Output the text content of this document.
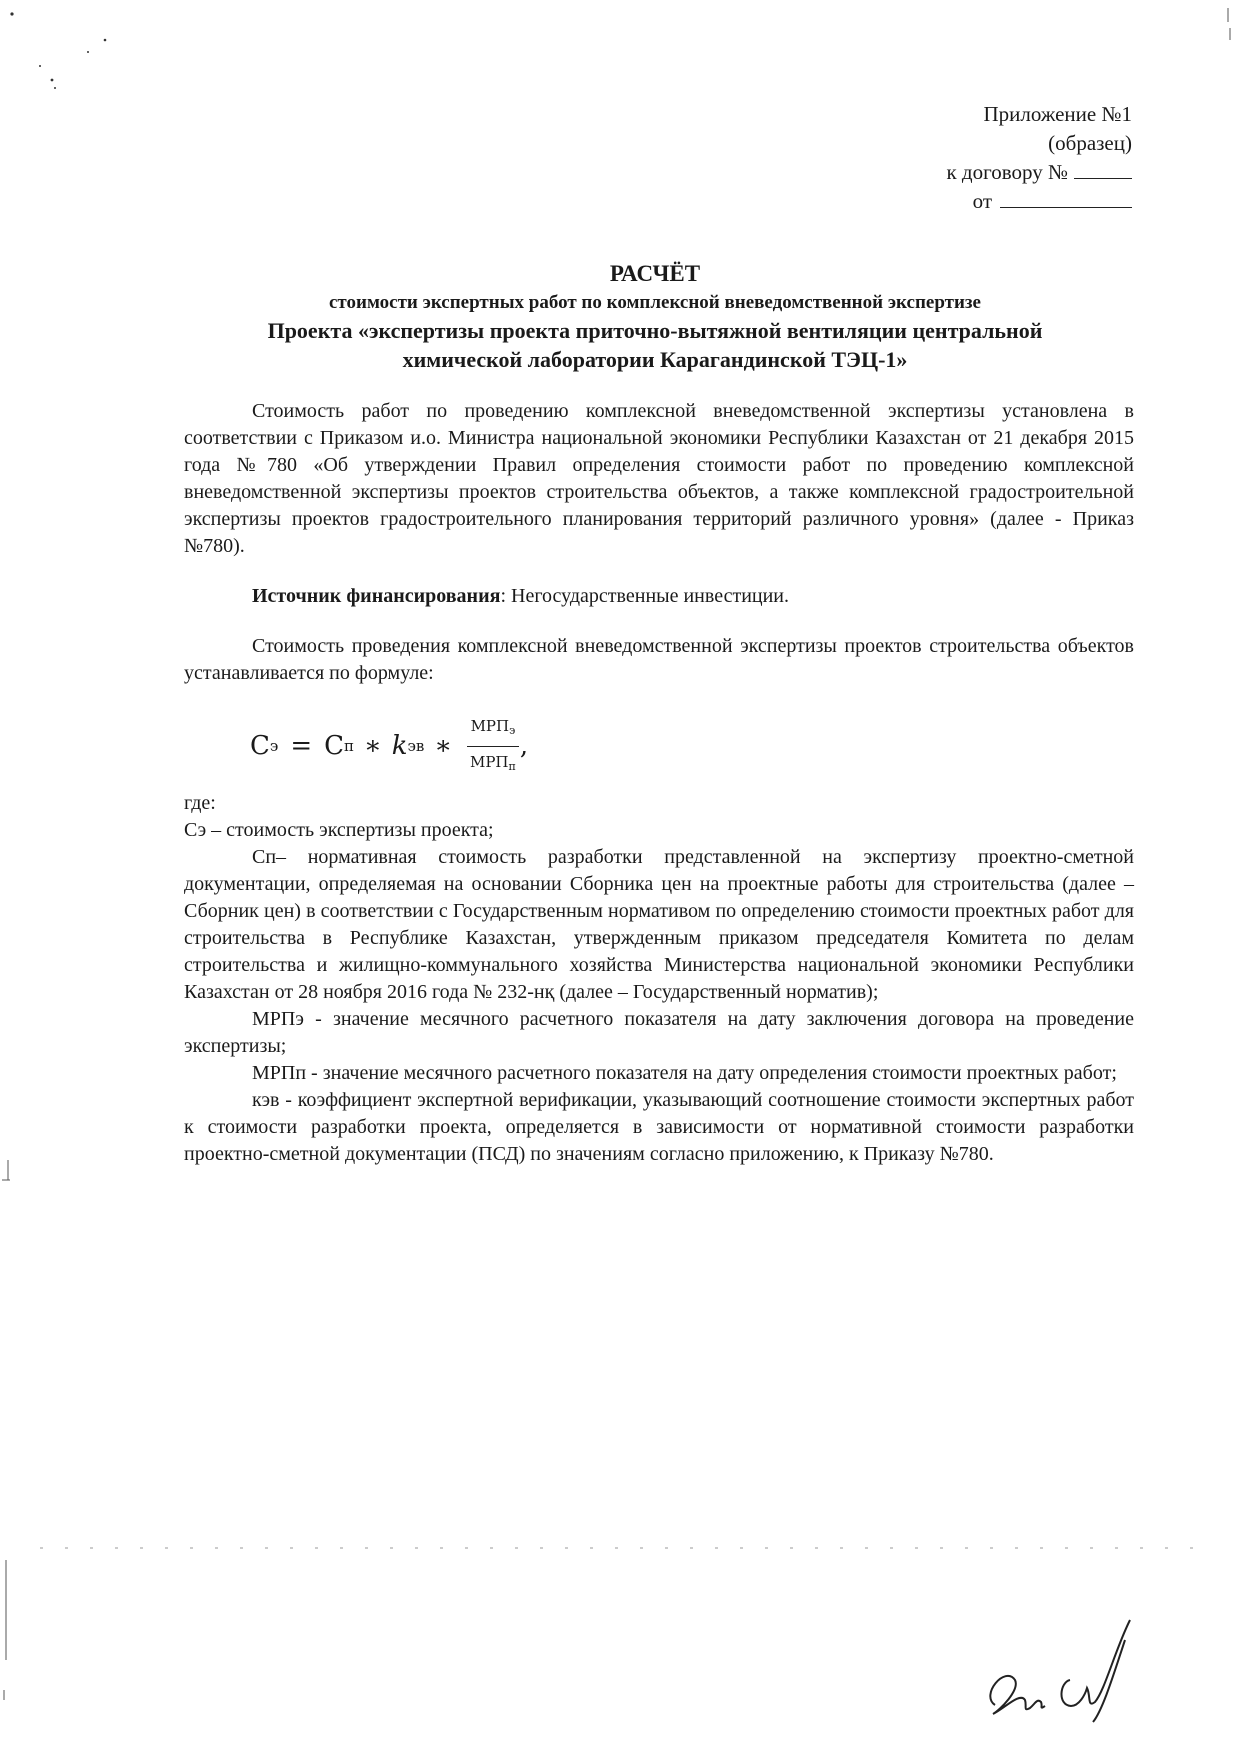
Приложение №1
(образец)
к договору №
от
РАСЧЁТ
стоимости экспертных работ по комплексной вневедомственной экспертизе
Проекта «экспертизы проекта приточно-вытяжной вентиляции центральной
химической лаборатории Карагандинской ТЭЦ-1»

Стоимость работ по проведению комплексной вневедомственной экспертизы установлена в соответствии с Приказом и.о. Министра национальной экономики Республики Казахстан от 21 декабря 2015 года №780 «Об утверждении Правил определения стоимости работ по проведению комплексной вневедомственной экспертизы проектов строительства объектов, а также комплексной градостроительной экспертизы проектов градостроительного планирования территорий различного уровня» (далее - Приказ №780).

Источник финансирования: Негосударственные инвестиции.

Стоимость проведения комплексной вневедомственной экспертизы проектов строительства объектов устанавливается по формуле:

С э = С п ∗ k эв ∗ $\frac{МРП_э}{МРП_п}$ ,

где:

Сэ – стоимость экспертизы проекта;

Сп– нормативная стоимость разработки представленной на экспертизу проектно-сметной документации, определяемая на основании Сборника цен на проектные работы для строительства (далее – Сборник цен) в соответствии с Государственным нормативом по определению стоимости проектных работ для строительства в Республике Казахстан, утвержденным приказом председателя Комитета по делам строительства и жилищно-коммунального хозяйства Министерства национальной экономики Республики Казахстан от 28 ноября 2016 года № 232-нқ (далее – Государственный норматив);

МРПэ - значение месячного расчетного показателя на дату заключения договора на проведение экспертизы;

МРПп - значение месячного расчетного показателя на дату определения стоимости проектных работ;

кэв - коэффициент экспертной верификации, указывающий соотношение стоимости экспертных работ к стоимости разработки проекта, определяется в зависимости от нормативной стоимости разработки проектно-сметной документации (ПСД) по значениям согласно приложению, к Приказу №780.
